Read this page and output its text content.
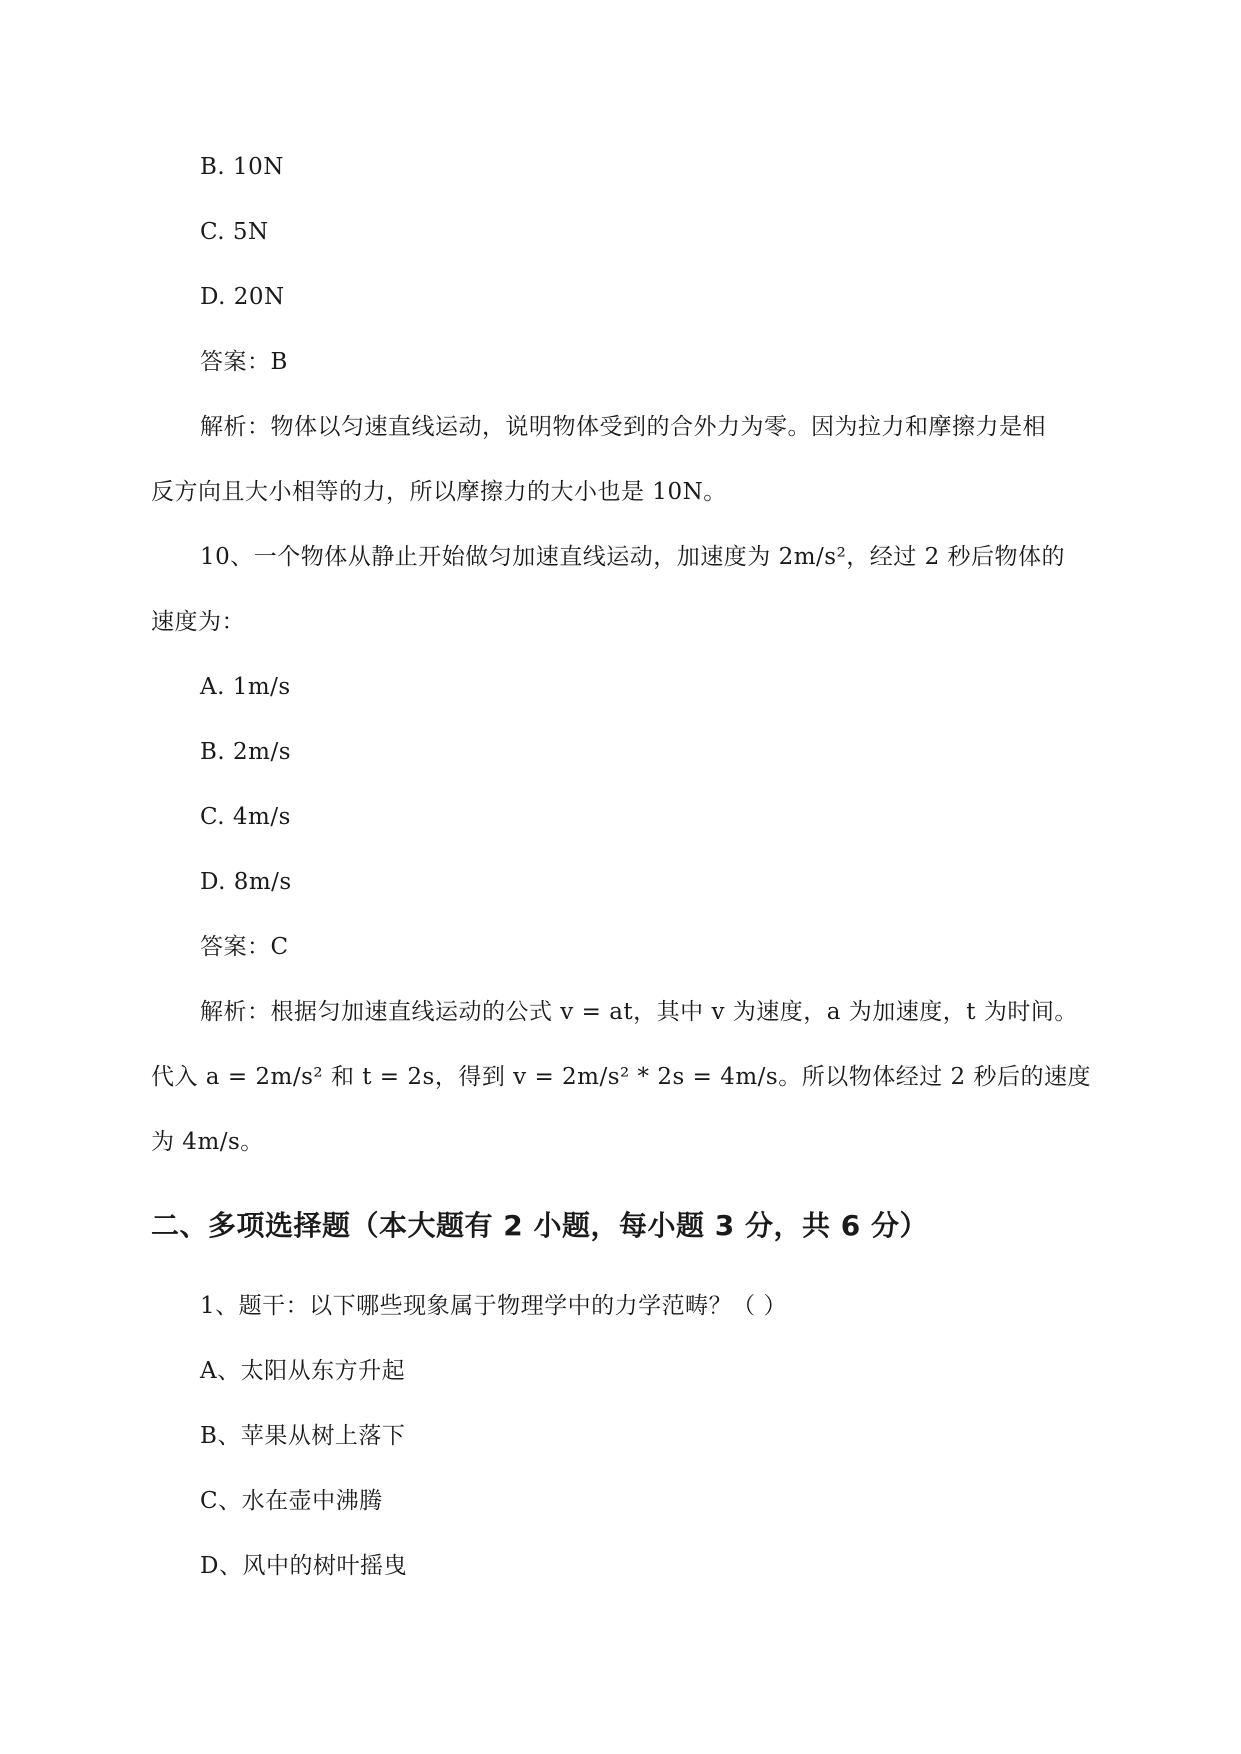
B. 10N
C. 5N
D. 20N
答案：B
解析：物体以匀速直线运动，说明物体受到的合外力为零。因为拉力和摩擦力是相
反方向且大小相等的力，所以摩擦力的大小也是 10N。
10、一个物体从静止开始做匀加速直线运动，加速度为 2m/s²，经过 2 秒后物体的
速度为：
A. 1m/s
B. 2m/s
C. 4m/s
D. 8m/s
答案：C
解析：根据匀加速直线运动的公式 v = at，其中 v 为速度，a 为加速度，t 为时间。
代入 a = 2m/s² 和 t = 2s，得到 v = 2m/s² * 2s = 4m/s。所以物体经过 2 秒后的速度
为 4m/s。
二、多项选择题（本大题有 2 小题，每小题 3 分，共 6 分）
1、题干：以下哪些现象属于物理学中的力学范畴？（ ）
A、太阳从东方升起
B、苹果从树上落下
C、水在壶中沸腾
D、风中的树叶摇曳
